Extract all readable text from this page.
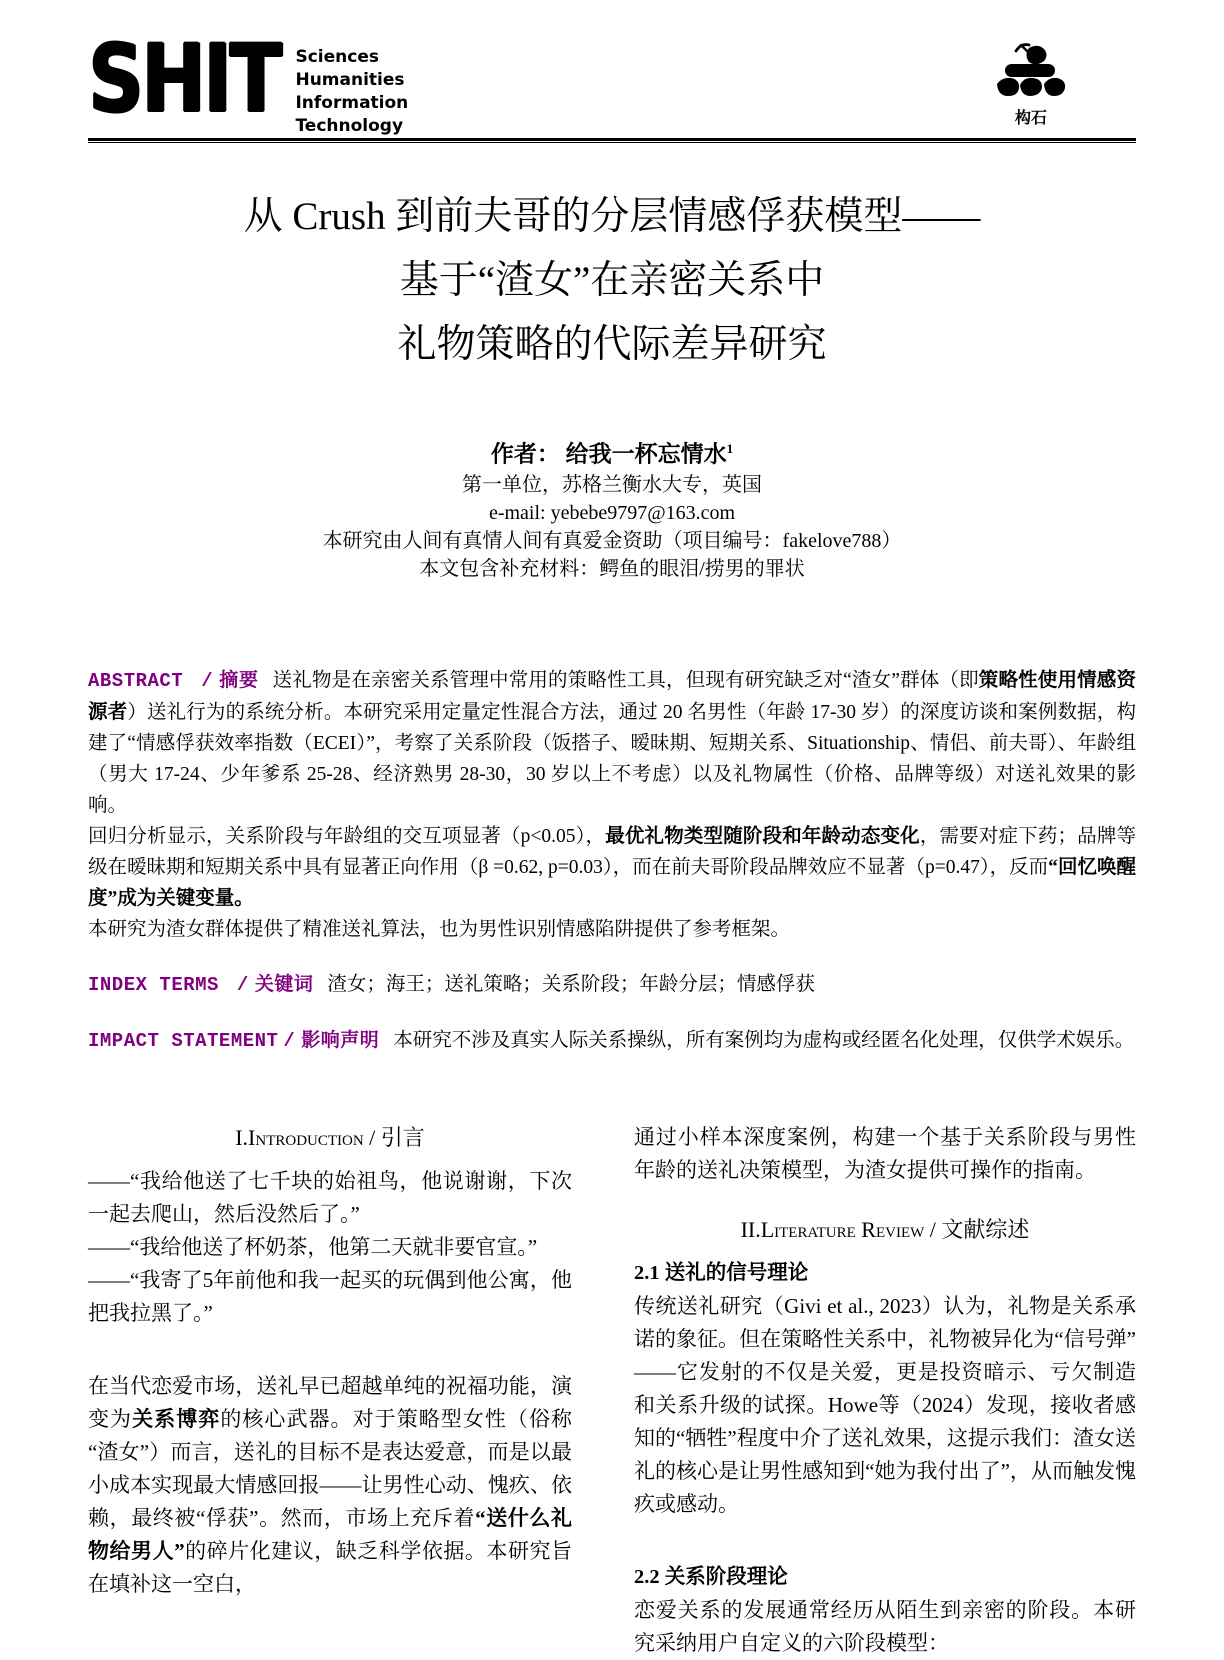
SHIT Sciences
Humanities
Information
Technology	构石
从 Crush 到前夫哥的分层情感俘获模型——
基于“渣女”在亲密关系中
礼物策略的代际差异研究
作者： 给我一杯忘情水$^1$
第一单位，苏格兰衡水大专，英国
e-mail: yebebe9797@163.com
本研究由人间有真情人间有真爱金资助（项目编号：fakelove788）
本文包含补充材料：鳄鱼的眼泪/捞男的罪状

ABSTRACT / 摘要 送礼物是在亲密关系管理中常用的策略性工具，但现有研究缺乏对“渣女”群体（即策略性使用情感资源者）送礼行为的系统分析。本研究采用定量定性混合方法，通过 20 名男性（年龄 17-30 岁）的深度访谈和案例数据，构建了“情感俘获效率指数（ECEI）”，考察了关系阶段（饭搭子、暧昧期、短期关系、Situationship、情侣、前夫哥）、年龄组（男大 17-24、少年爹系 25-28、经济熟男 28-30，30 岁以上不考虑）以及礼物属性（价格、品牌等级）对送礼效果的影响。

回归分析显示，关系阶段与年龄组的交互项显著（p<0.05），最优礼物类型随阶段和年龄动态变化，需要对症下药；品牌等级在暧昧期和短期关系中具有显著正向作用（β =0.62, p=0.03），而在前夫哥阶段品牌效应不显著（p=0.47），反而“回忆唤醒度”成为关键变量。

本研究为渣女群体提供了精准送礼算法，也为男性识别情感陷阱提供了参考框架。

INDEX TERMS / 关键词 渣女；海王；送礼策略；关系阶段；年龄分层；情感俘获
IMPACT STATEMENT / 影响声明 本研究不涉及真实人际关系操纵，所有案例均为虚构或经匿名化处理，仅供学术娱乐。
I.Introduction / 引言

——“我给他送了七千块的始祖鸟，他说谢谢，下次一起去爬山，然后没然后了。”

——“我给他送了杯奶茶，他第二天就非要官宣。”

——“我寄了5年前他和我一起买的玩偶到他公寓，他把我拉黑了。”

在当代恋爱市场，送礼早已超越单纯的祝福功能，演变为关系博弈的核心武器。对于策略型女性（俗称“渣女”）而言，送礼的目标不是表达爱意，而是以最小成本实现最大情感回报——让男性心动、愧疚、依赖，最终被“俘获”。然而，市场上充斥着“送什么礼物给男人”的碎片化建议，缺乏科学依据。本研究旨在填补这一空白，

通过小样本深度案例，构建一个基于关系阶段与男性年龄的送礼决策模型，为渣女提供可操作的指南。

II.Literature Review / 文献综述
2.1 送礼的信号理论

传统送礼研究（Givi et al., 2023）认为，礼物是关系承诺的象征。但在策略性关系中，礼物被异化为“信号弹”——它发射的不仅是关爱，更是投资暗示、亏欠制造和关系升级的试探。Howe等（2024）发现，接收者感知的“牺牲”程度中介了送礼效果，这提示我们：渣女送礼的核心是让男性感知到“她为我付出了”，从而触发愧疚或感动。

2.2 关系阶段理论

恋爱关系的发展通常经历从陌生到亲密的阶段。本研究采纳用户自定义的六阶段模型：
